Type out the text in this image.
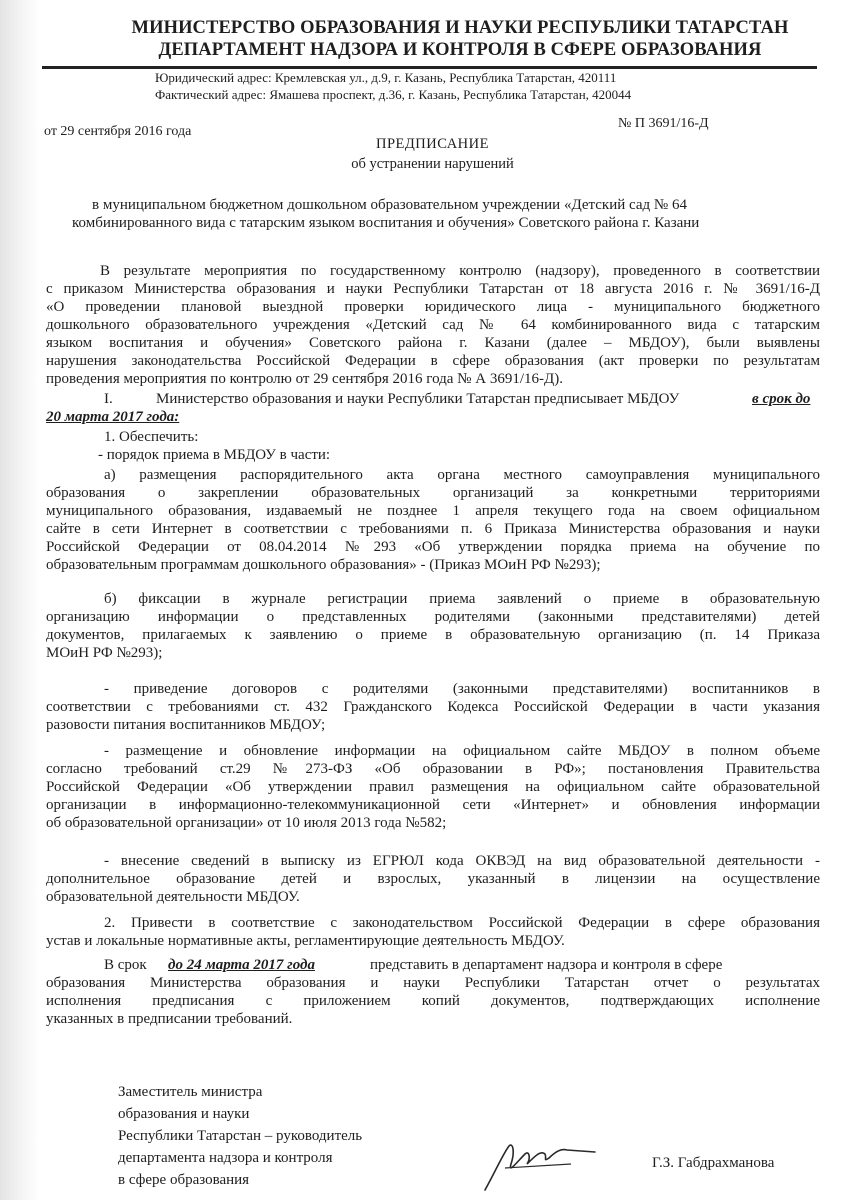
МИНИСТЕРСТВО ОБРАЗОВАНИЯ И НАУКИ РЕСПУБЛИКИ ТАТАРСТАН
ДЕПАРТАМЕНТ НАДЗОРА И КОНТРОЛЯ В СФЕРЕ ОБРАЗОВАНИЯ
Юридический адрес: Кремлевская ул., д.9, г. Казань, Республика Татарстан, 420111
Фактический адрес: Ямашева проспект, д.36, г. Казань, Республика Татарстан, 420044
от 29 сентября 2016 года
№ П 3691/16-Д
ПРЕДПИСАНИЕ
об устранении нарушений
в муниципальном бюджетном дошкольном образовательном учреждении «Детский сад № 64
комбинированного вида с татарским языком воспитания и обучения» Советского района г. Казани
В результате мероприятия по государственному контролю (надзору), проведенного в соответствии
с приказом Министерства образования и науки Республики Татарстан от 18 августа 2016 г. № 3691/16-Д
«О проведении плановой выездной проверки юридического лица - муниципального бюджетного
дошкольного образовательного учреждения «Детский сад № 64 комбинированного вида с татарским
языком воспитания и обучения» Советского района г. Казани (далее – МБДОУ), были выявлены
нарушения законодательства Российской Федерации в сфере образования (акт проверки по результатам
проведения мероприятия по контролю от 29 сентября 2016 года № А 3691/16-Д).
I.	Министерство образования и науки Республики Татарстан предписывает МБДОУ	в срок до
20 марта 2017 года:
1. Обеспечить:
- порядок приема в МБДОУ в части:
а) размещения распорядительного акта органа местного самоуправления муниципального
образования о закреплении образовательных организаций за конкретными территориями
муниципального образования, издаваемый не позднее 1 апреля текущего года на своем официальном
сайте в сети Интернет в соответствии с требованиями п. 6 Приказа Министерства образования и науки
Российской Федерации от 08.04.2014 №293 «Об утверждении порядка приема на обучение по
образовательным программам дошкольного образования» - (Приказ МОиН РФ №293);
б) фиксации в журнале регистрации приема заявлений о приеме в образовательную
организацию информации о представленных родителями (законными представителями) детей
документов, прилагаемых к заявлению о приеме в образовательную организацию (п. 14 Приказа
МОиН РФ №293);
- приведение договоров с родителями (законными представителями) воспитанников в
соответствии с требованиями ст. 432 Гражданского Кодекса Российской Федерации в части указания
разовости питания воспитанников МБДОУ;
- размещение и обновление информации на официальном сайте МБДОУ в полном объеме
согласно требований ст.29 №273-ФЗ «Об образовании в РФ»; постановления Правительства
Российской Федерации «Об утверждении правил размещения на официальном сайте образовательной
организации в информационно-телекоммуникационной сети «Интернет» и обновления информации
об образовательной организации» от 10 июля 2013 года №582;
- внесение сведений в выписку из ЕГРЮЛ кода ОКВЭД на вид образовательной деятельности -
дополнительное образование детей и взрослых, указанный в лицензии на осуществление
образовательной деятельности МБДОУ.
2. Привести в соответствие с законодательством Российской Федерации в сфере образования
устав и локальные нормативные акты, регламентирующие деятельность МБДОУ.
В срок до 24 марта 2017 года	представить в департамент надзора и контроля в сфере
образования Министерства образования и науки Республики Татарстан отчет о результатах
исполнения предписания с приложением копий документов, подтверждающих исполнение
указанных в предписании требований.
Заместитель министра
образования и науки
Республики Татарстан – руководитель
департамента надзора и контроля
в сфере образования
Г.З. Габдрахманова
